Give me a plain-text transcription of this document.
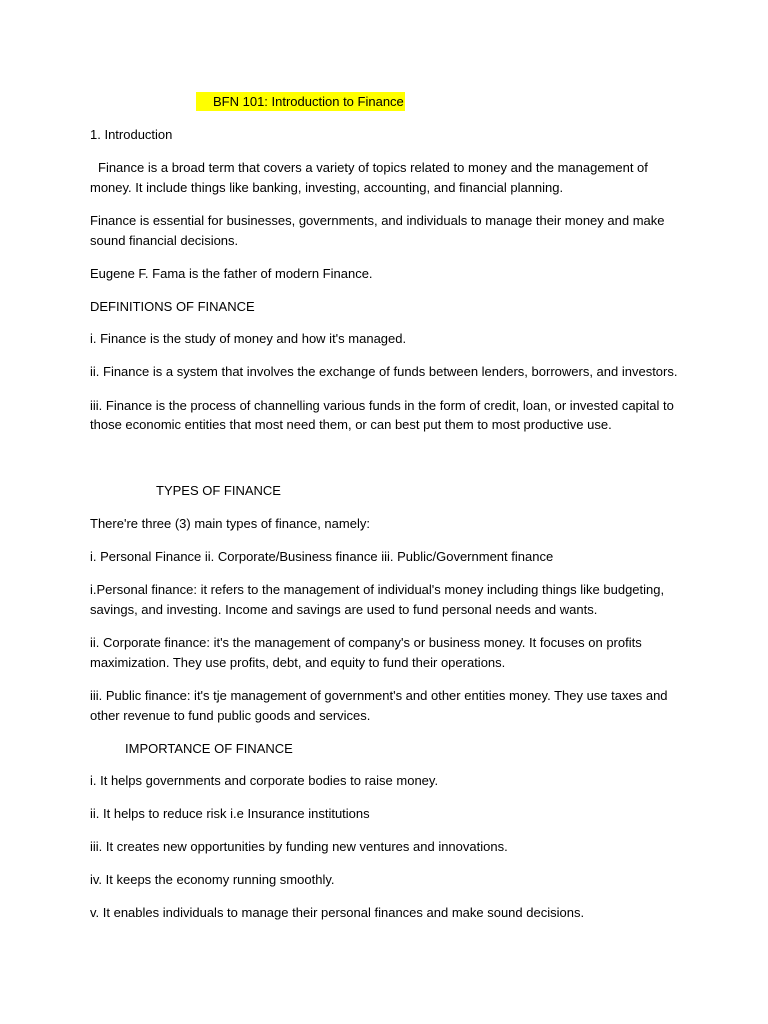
BFN 101: Introduction to Finance

1. Introduction

Finance is a broad term that covers a variety of topics related to money and the management of

money. It include things like banking, investing, accounting, and financial planning.

Finance is essential for businesses, governments, and individuals to manage their money and make

sound financial decisions.

Eugene F. Fama is the father of modern Finance.

DEFINITIONS OF FINANCE

i. Finance is the study of money and how it's managed.

ii. Finance is a system that involves the exchange of funds between lenders, borrowers, and investors.

iii. Finance is the process of channelling various funds in the form of credit, loan, or invested capital to

those economic entities that most need them, or can best put them to most productive use.

TYPES OF FINANCE

There're three (3) main types of finance, namely:

i. Personal Finance ii. Corporate/Business finance iii. Public/Government finance

i.Personal finance: it refers to the management of individual's money including things like budgeting,

savings, and investing. Income and savings are used to fund personal needs and wants.

ii. Corporate finance: it's the management of company's or business money. It focuses on profits

maximization. They use profits, debt, and equity to fund their operations.

iii. Public finance: it's tje management of government's and other entities money. They use taxes and

other revenue to fund public goods and services.

IMPORTANCE OF FINANCE

i. It helps governments and corporate bodies to raise money.

ii. It helps to reduce risk i.e Insurance institutions

iii. It creates new opportunities by funding new ventures and innovations.

iv. It keeps the economy running smoothly.

v. It enables individuals to manage their personal finances and make sound decisions.
